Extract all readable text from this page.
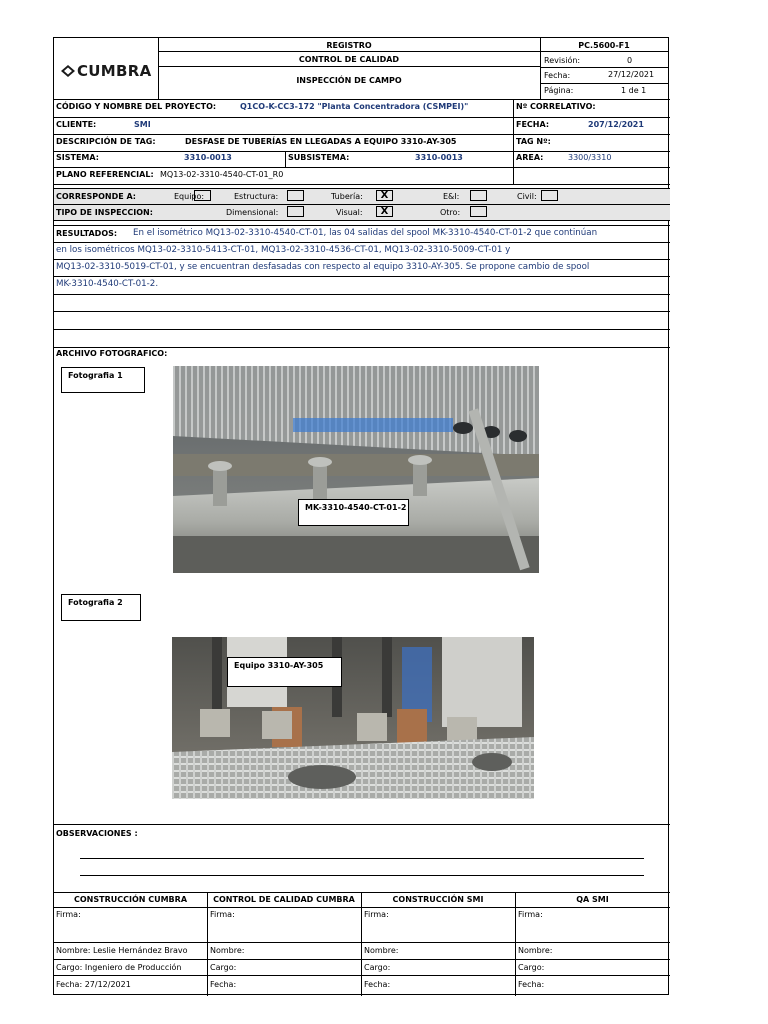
CUMBRA
REGISTRO
CONTROL DE CALIDAD
INSPECCIÓN DE CAMPO
PC.5600-F1
Revisión:	0
Fecha:	27/12/2021
Página:	1 de 1
CÓDIGO Y NOMBRE DEL PROYECTO:	Q1CO-K-CC3-172 "Planta Concentradora (CSMPEI)"	Nº CORRELATIVO:
CLIENTE:	SMI	FECHA:	207/12/2021
DESCRIPCIÓN DE TAG:	DESFASE DE TUBERÍAS EN LLEGADAS A EQUIPO 3310-AY-305	TAG Nº:
SISTEMA:	3310-0013	SUBSISTEMA:	3310-0013	AREA:	3300/3310
PLANO REFERENCIAL: MQ13-02-3310-4540-CT-01_R0
CORRESPONDE A:	Equipo:	Estructura:	Tubería:	X	E&I:	Civil:
TIPO DE INSPECCION:	Dimensional:	Visual:	X	Otro:
RESULTADOS: En el isométrico MQ13-02-3310-4540-CT-01, las 04 salidas del spool MK-3310-4540-CT-01-2 que continúan
en los isométricos MQ13-02-3310-5413-CT-01, MQ13-02-3310-4536-CT-01, MQ13-02-3310-5009-CT-01 y
MQ13-02-3310-5019-CT-01, y se encuentran desfasadas con respecto al equipo 3310-AY-305. Se propone cambio de spool
MK-3310-4540-CT-01-2.
ARCHIVO FOTOGRAFICO:
Fotografia 1
MK-3310-4540-CT-01-2
Fotografia 2
Equipo 3310-AY-305
OBSERVACIONES :
CONSTRUCCIÓN CUMBRA	CONTROL DE CALIDAD CUMBRA	CONSTRUCCIÓN SMI	QA SMI
Firma:	Firma:	Firma:	Firma:
Nombre: Leslie Hernández Bravo	Nombre:	Nombre:	Nombre:
Cargo: Ingeniero de Producción	Cargo:	Cargo:	Cargo:
Fecha: 27/12/2021	Fecha:	Fecha:	Fecha:
